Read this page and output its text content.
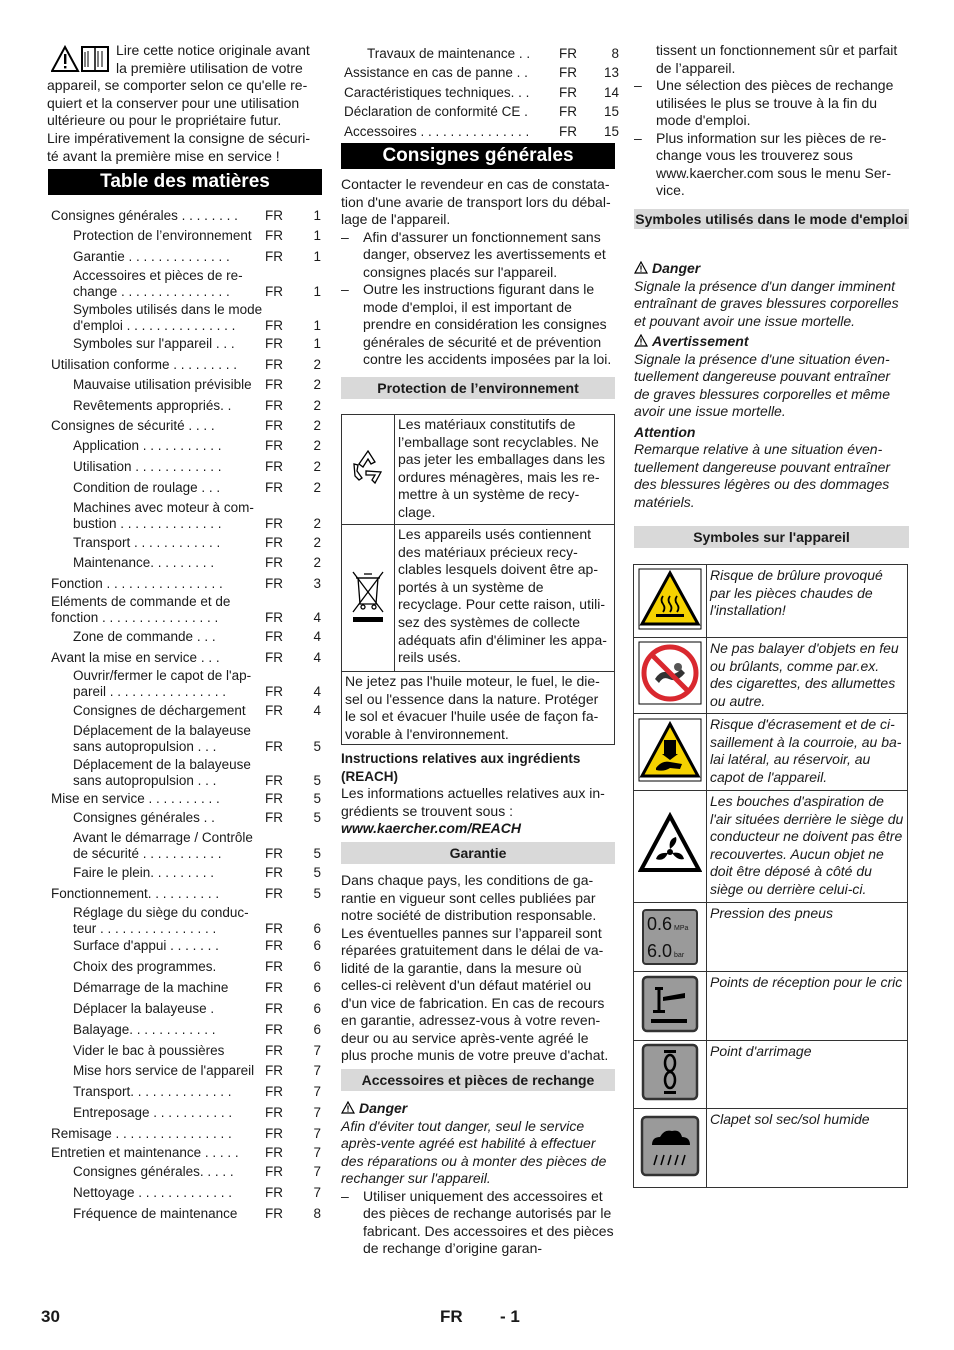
Lire cette notice originale avant
la première utilisation de votre
appareil, se comporter selon ce qu'elle re-
quiert et la conserver pour une utilisation
ultérieure ou pour le propriétaire futur.
Lire impérativement la consigne de sécuri-
té avant la première mise en service !
Table des matières
Consignes générales . . . . . . . .	FR 1
Protection de l’environnement FR 1
Garantie . . . . . . . . . . . . . .	FR 1
Accessoires et pièces de re-
change . . . . . . . . . . . . . . .	FR 1
Symboles utilisés dans le mode
d'emploi . . . . . . . . . . . . . . .	FR 1
Symboles sur l'appareil . . .	FR 1
Utilisation conforme . . . . . . . . .	FR 2
Mauvaise utilisation prévisible FR 2
Revêtements appropriés. .	FR 2
Consignes de sécurité . . . .	FR 2
Application . . . . . . . . . . .	FR 2
Utilisation . . . . . . . . . . . .	FR 2
Condition de roulage . . .	FR 2
Machines avec moteur à com-
bustion . . . . . . . . . . . . . .	FR 2
Transport . . . . . . . . . . . .	FR 2
Maintenance. . . . . . . . .	FR 2
Fonction . . . . . . . . . . . . . . . .	FR 3
Eléments de commande et de
fonction . . . . . . . . . . . . . . . .	FR 4
Zone de commande . . .	FR 4
Avant la mise en service . . .	FR 4
Ouvrir/fermer le capot de l'ap-
pareil . . . . . . . . . . . . . . . .	FR 4
Consignes de déchargement	FR 4
Déplacement de la balayeuse
sans autopropulsion . . .	FR 5
Déplacement de la balayeuse
sans autopropulsion . . .	FR 5
Mise en service . . . . . . . . . .	FR 5
Consignes générales . .	FR 5
Avant le démarrage / Contrôle
de sécurité . . . . . . . . . . .	FR 5
Faire le plein. . . . . . . . .	FR 5
Fonctionnement. . . . . . . . . .	FR 5
Réglage du siège du conduc-
teur . . . . . . . . . . . . . . . .	FR 6
Surface d'appui . . . . . . .	FR 6
Choix des programmes.	FR 6
Démarrage de la machine	FR 6
Déplacer la balayeuse .	FR 6
Balayage. . . . . . . . . . . .	FR 6
Vider le bac à poussières	FR 7
Mise hors service de l'appareil FR 7
Transport. . . . . . . . . . . . . .	FR 7
Entreposage . . . . . . . . . . .	FR 7
Remisage . . . . . . . . . . . . . . . .	FR 7
Entretien et maintenance . . . . .	FR 7
Consignes générales. . . . .	FR 7
Nettoyage . . . . . . . . . . . . .	FR 7
Fréquence de maintenance	FR 8
Travaux de maintenance . . FR	8
Assistance en cas de panne . . FR 13
Caractéristiques techniques. . . FR 14
Déclaration de conformité CE . FR 15
Accessoires . . . . . . . . . . . . . . . FR 15
Consignes générales

Contacter le revendeur en cas de constata-tion d'une avarie de transport lors du débal-lage de l'appareil.

– Afin d'assurer un fonctionnement sans danger, observez les avertissements et consignes placés sur l'appareil.

– Outre les instructions figurant dans le mode d'emploi, il est important de prendre en considération les consignes générales de sécurité et de prévention contre les accidents imposées par la loi.

Protection de l’environnement
	Les matériaux constitutifs de l’emballage sont recyclables. Ne pas jeter les emballages dans les ordures ménagères, mais les re-mettre à un système de recy-clage.
	Les appareils usés contiennent des matériaux précieux recy-clables lesquels doivent être ap-portés à un système de recyclage. Pour cette raison, utili-sez des systèmes de collecte adéquats afin d'éliminer les appa-reils usés.
Ne jetez pas l'huile moteur, le fuel, le die-sel ou l'essence dans la nature. Protéger le sol et évacuer l'huile usée de façon fa-vorable à l'environnement.	

Instructions relatives aux ingrédients (REACH)

Les informations actuelles relatives aux in-grédients se trouvent sous :

www.kaercher.com/REACH

Garantie

Dans chaque pays, les conditions de ga-rantie en vigueur sont celles publiées par notre société de distribution responsable. Les éventuelles pannes sur l’appareil sont réparées gratuitement dans le délai de va-lidité de la garantie, dans la mesure où celles-ci relèvent d'un défaut matériel ou d'un vice de fabrication. En cas de recours en garantie, adressez-vous à votre reven-deur ou au service après-vente agréé le plus proche munis de votre preuve d'achat.

Accessoires et pièces de rechange

Danger

Afin d'éviter tout danger, seul le service après-vente agréé est habilité à effectuer des réparations ou à monter des pièces de rechanger sur l'appareil.

– Utiliser uniquement des accessoires et des pièces de rechange autorisés par le fabricant. Des accessoires et des pièces de rechange d’origine garan-

tissent un fonctionnement sûr et parfait de l’appareil.

– Une sélection des pièces de rechange utilisées le plus se trouve à la fin du mode d'emploi.

– Plus information sur les pièces de re-change vous les trouverez sous www.kaercher.com sous le menu Ser-vice.

Symboles utilisés dans le mode d'emploi

Danger

Signale la présence d'un danger imminent entraînant de graves blessures corporelles et pouvant avoir une issue mortelle.

Avertissement

Signale la présence d'une situation éven-tuellement dangereuse pouvant entraîner de graves blessures corporelles et même avoir une issue mortelle.

Attention

Remarque relative à une situation éven-tuellement dangereuse pouvant entraîner des blessures légères ou des dommages matériels.

Symboles sur l'appareil
	Risque de brûlure provoqué par les pièces chaudes de l'installation!
	Ne pas balayer d'objets en feu ou brûlants, comme par.ex. des cigarettes, des allumettes ou autre.
	Risque d'écrasement et de ci-saillement à la courroie, au ba-lai latéral, au réservoir, au capot de l'appareil.
	Les bouches d'aspiration de l'air situées derrière le siège du conducteur ne doivent pas être recouvertes. Aucun objet ne doit être déposé à côté du siège ou derrière celui-ci.

0.6 MPa
6.0 bar	Pression des pneus
	Points de réception pour le cric
	Point d'arrimage
	Clapet sol sec/sol humide
30	FR - 1
